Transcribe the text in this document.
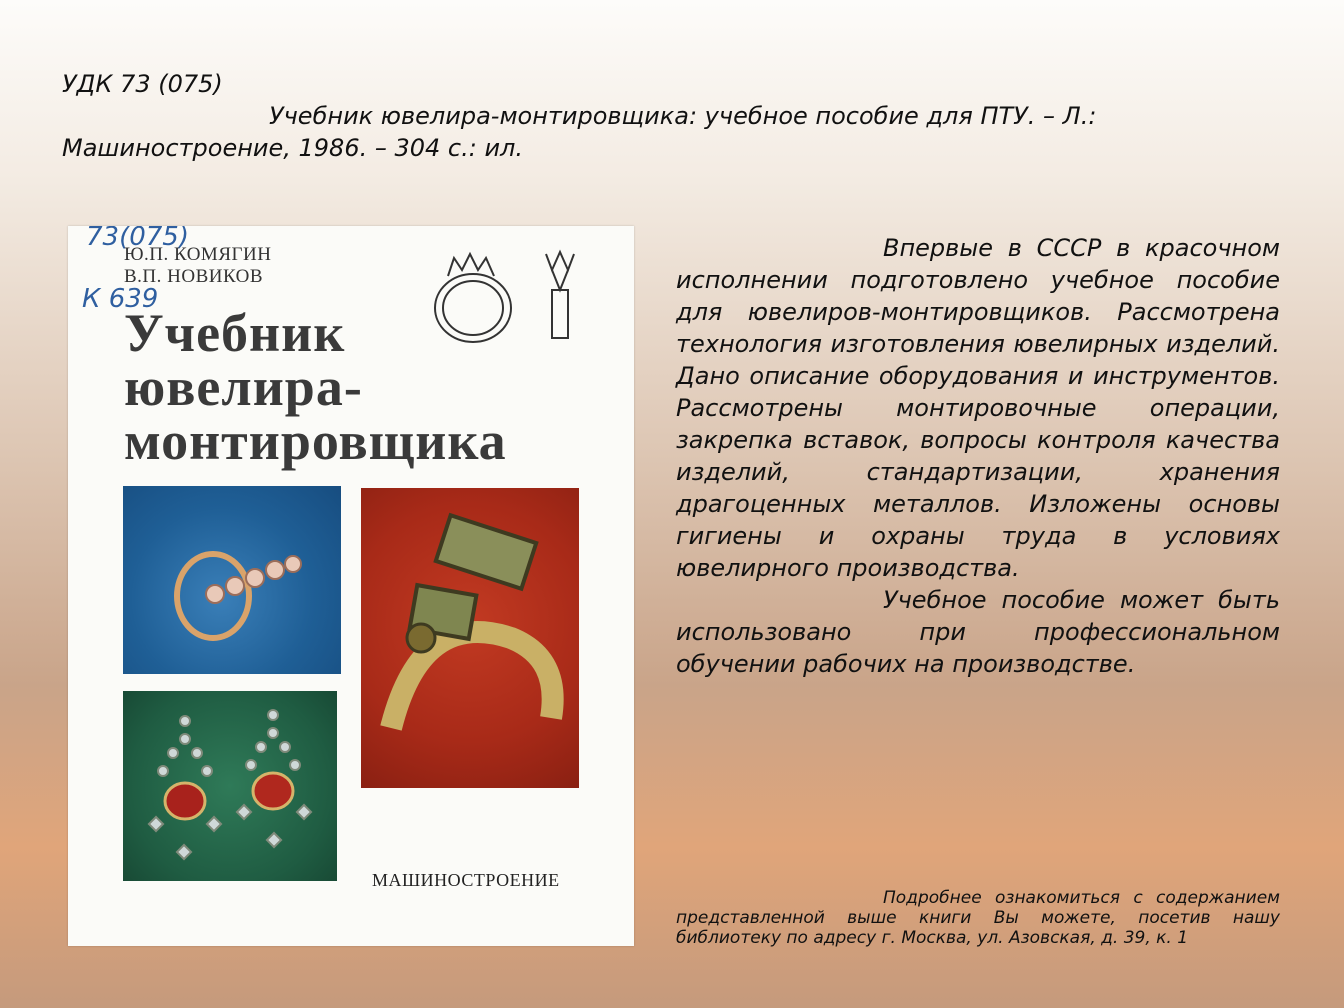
УДК 73 (075)
Учебник ювелира-монтировщика: учебное пособие для ПТУ. – Л.:
Машиностроение, 1986. – 304 с.: ил.
73(075)
К 639
Ю.П. КОМЯГИН
В.П. НОВИКОВ
Учебник
ювелира-
монтировщика
МАШИНОСТРОЕНИЕ

Впервые в СССР в красочном исполнении подготовлено учебное пособие для ювелиров-монтировщиков. Рассмотрена технология изготовления ювелирных изделий. Дано описание оборудования и инструментов. Рассмотрены монтировочные операции, закрепка вставок, вопросы контроля качества изделий, стандартизации, хранения драгоценных металлов. Изложены основы гигиены и охраны труда в условиях ювелирного производства.

Учебное пособие может быть использовано при профессиональном обучении рабочих на производстве.

Подробнее ознакомиться с содержанием представленной выше книги Вы можете, посетив нашу библиотеку по адресу г. Москва, ул. Азовская, д. 39, к. 1
